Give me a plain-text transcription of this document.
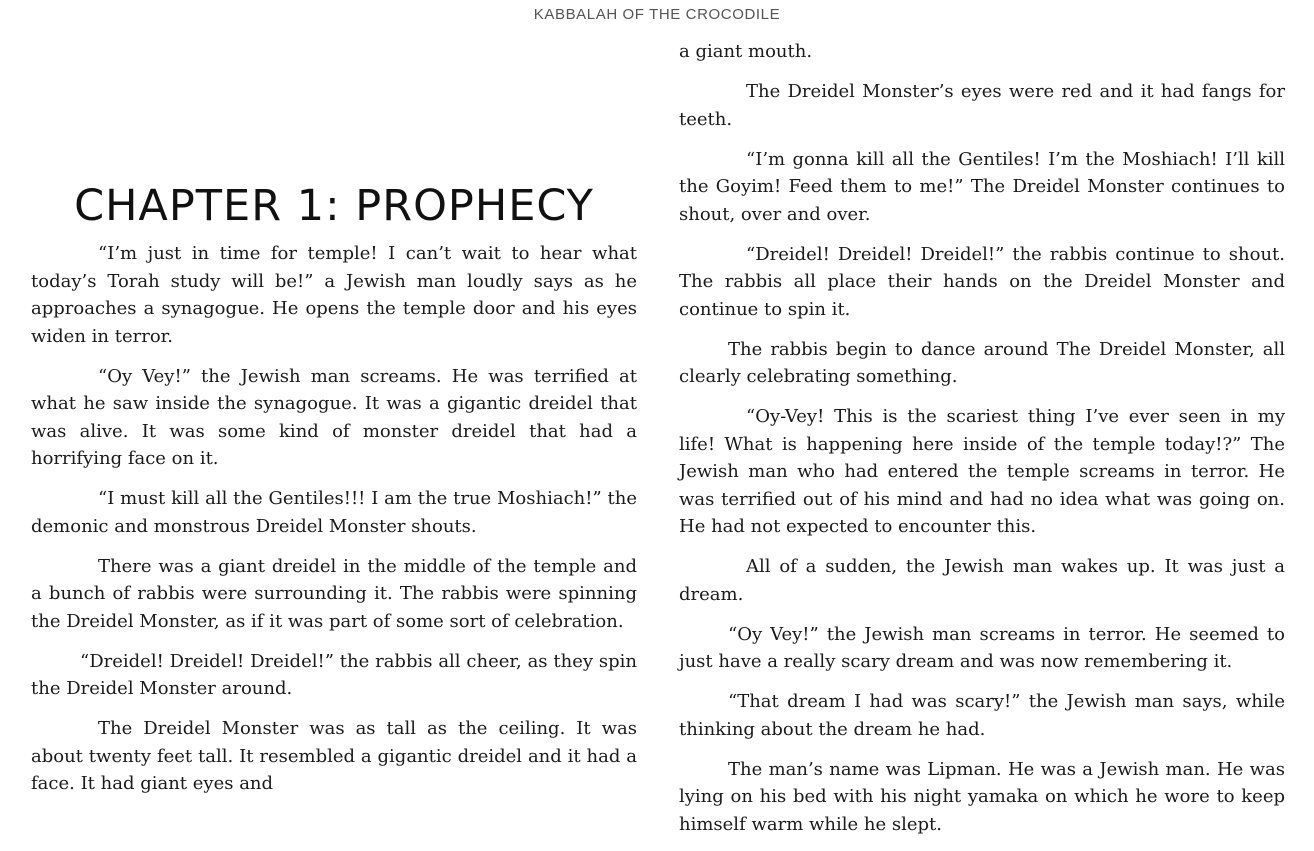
KABBALAH OF THE CROCODILE
CHAPTER 1: PROPHECY

“I’m just in time for temple! I can’t wait to hear what today’s Torah study will be!” a Jewish man loudly says as he approaches a synagogue. He opens the temple door and his eyes widen in terror.

“Oy Vey!” the Jewish man screams. He was terrified at what he saw inside the synagogue. It was a gigantic dreidel that was alive. It was some kind of monster dreidel that had a horrifying face on it.

“I must kill all the Gentiles!!! I am the true Moshiach!” the demonic and monstrous Dreidel Monster shouts.

There was a giant dreidel in the middle of the temple and a bunch of rabbis were surrounding it. The rabbis were spinning the Dreidel Monster, as if it was part of some sort of celebration.

“Dreidel! Dreidel! Dreidel!” the rabbis all cheer, as they spin the Dreidel Monster around.

The Dreidel Monster was as tall as the ceiling. It was about twenty feet tall. It resembled a gigantic dreidel and it had a face. It had giant eyes and

a giant mouth.

The Dreidel Monster’s eyes were red and it had fangs for teeth.

“I’m gonna kill all the Gentiles! I’m the Moshiach! I’ll kill the Goyim! Feed them to me!” The Dreidel Monster continues to shout, over and over.

“Dreidel! Dreidel! Dreidel!” the rabbis continue to shout. The rabbis all place their hands on the Dreidel Monster and continue to spin it.

The rabbis begin to dance around The Dreidel Monster, all clearly celebrating something.

“Oy-Vey! This is the scariest thing I’ve ever seen in my life! What is happening here inside of the temple today!?” The Jewish man who had entered the temple screams in terror. He was terrified out of his mind and had no idea what was going on. He had not expected to encounter this.

All of a sudden, the Jewish man wakes up. It was just a dream.

“Oy Vey!” the Jewish man screams in terror. He seemed to just have a really scary dream and was now remembering it.

“That dream I had was scary!” the Jewish man says, while thinking about the dream he had.

The man’s name was Lipman. He was a Jewish man. He was lying on his bed with his night yamaka on which he wore to keep himself warm while he slept.
